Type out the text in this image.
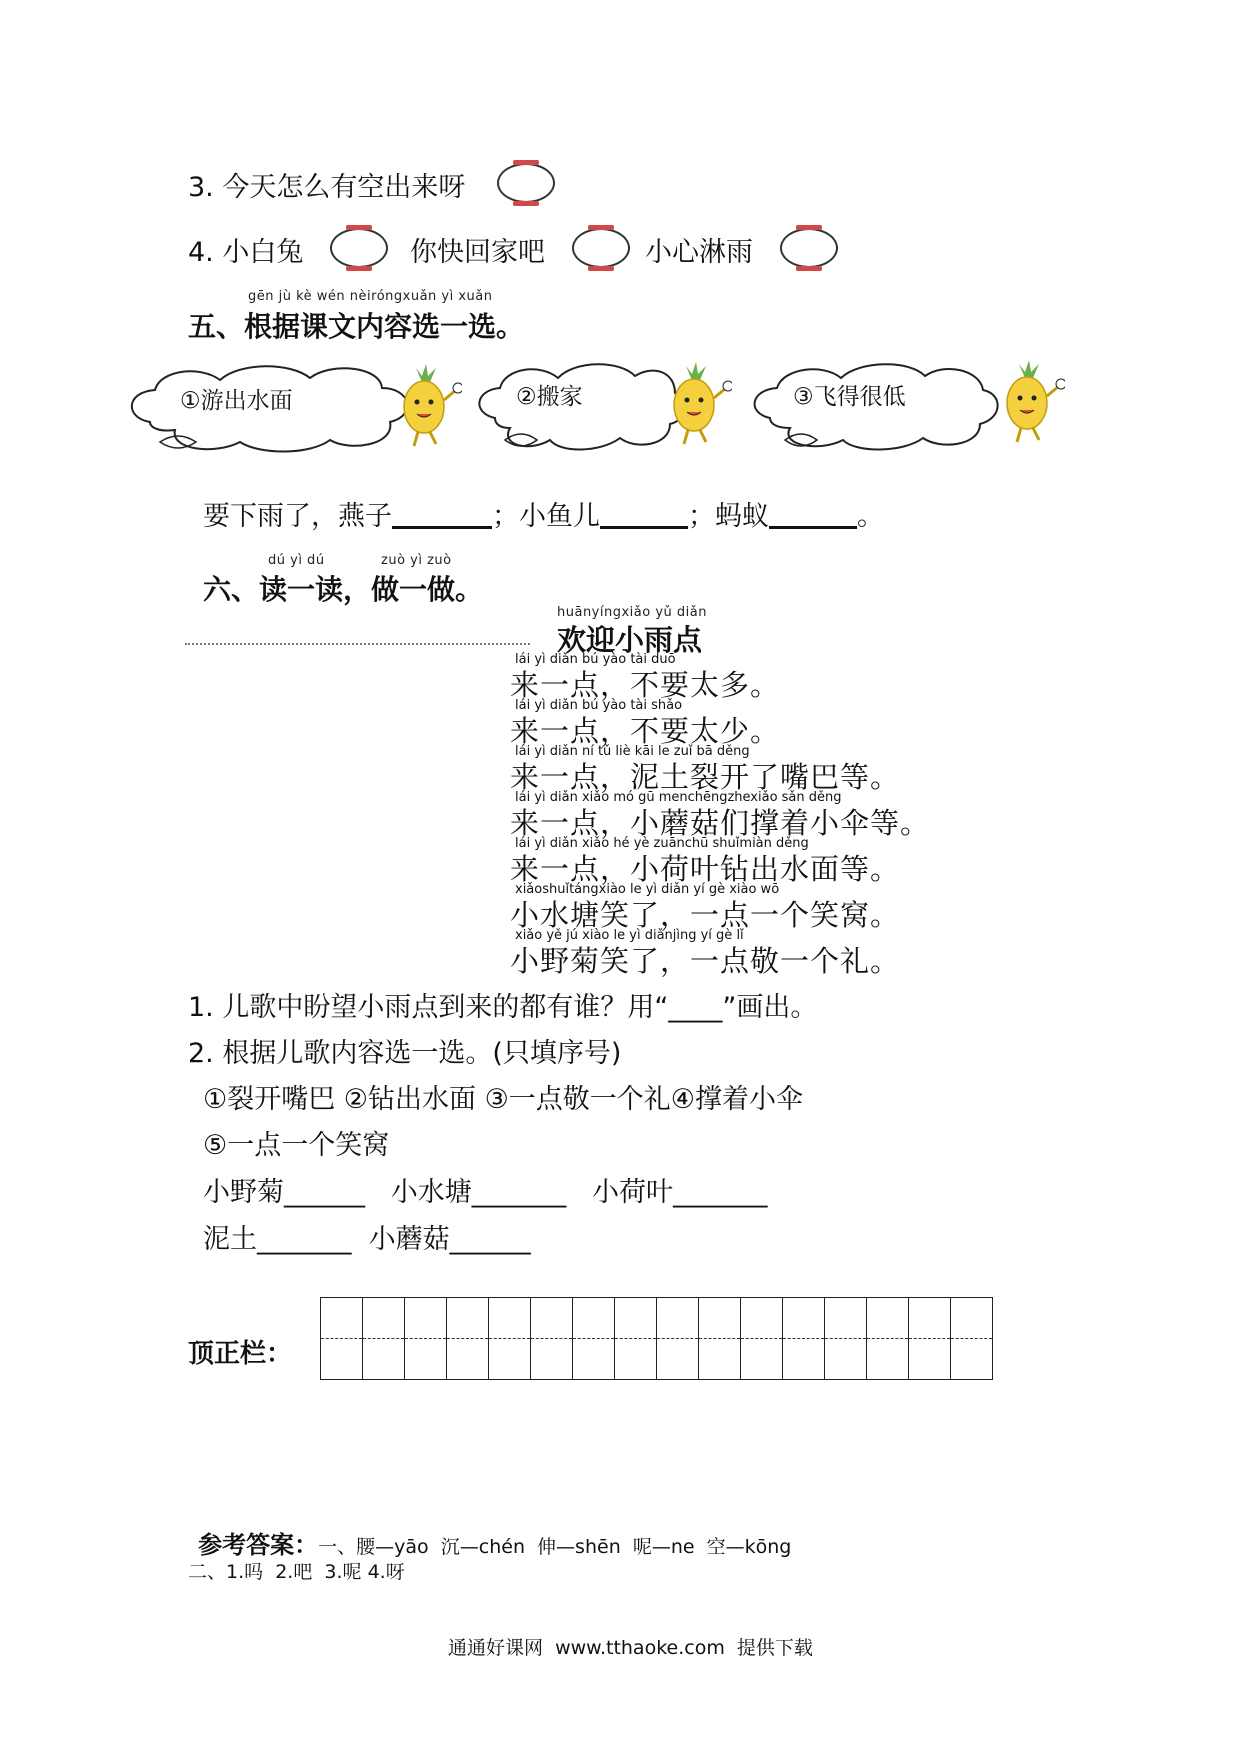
3. 今天怎么有空出来呀
4. 小白兔	你快回家吧	小心淋雨
gēn jù kè wén nèiróngxuǎn yì xuǎn
五、根据课文内容选一选。
①游出水面	②搬家	③飞得很低
要下雨了，燕子	；小鱼儿	；蚂蚁	。
dú yì dú	zuò yì zuò
六、读一读，做一做。
huānyíngxiǎo yǔ diǎn
欢迎小雨点
lái yì diǎn bú yào tài duō
来一点，不要太多。
lái yì diǎn bú yào tài shǎo
来一点，不要太少。
lái yì diǎn ní tǔ liè kāi le zuǐ bā děng
来一点，泥土裂开了嘴巴等。
lái yì diǎn xiǎo mó gū menchēngzhexiǎo sǎn děng
来一点，小蘑菇们撑着小伞等。
lái yì diǎn xiǎo hé yè zuānchū shuǐmiàn děng
来一点，小荷叶钻出水面等。
xiǎoshuǐtángxiào le yì diǎn yí gè xiào wō
小水塘笑了，一点一个笑窝。
xiǎo yě jú xiào le yì diǎnjìng yí gè lǐ
小野菊笑了，一点敬一个礼。
1. 儿歌中盼望小雨点到来的都有谁？用“____”画出。
2. 根据儿歌内容选一选。(只填序号)
①裂开嘴巴 ②钻出水面 ③一点敬一个礼④撑着小伞
⑤一点一个笑窝
小野菊______   小水塘_______   小荷叶_______
泥土_______  小蘑菇______
顶正栏：

参考答案：一、腰—yāo  沉—chén  伸—shēn  呢—ne  空—kōng

二、1.吗  2.吧  3.呢 4.呀
通通好课网  www.tthaoke.com  提供下载
